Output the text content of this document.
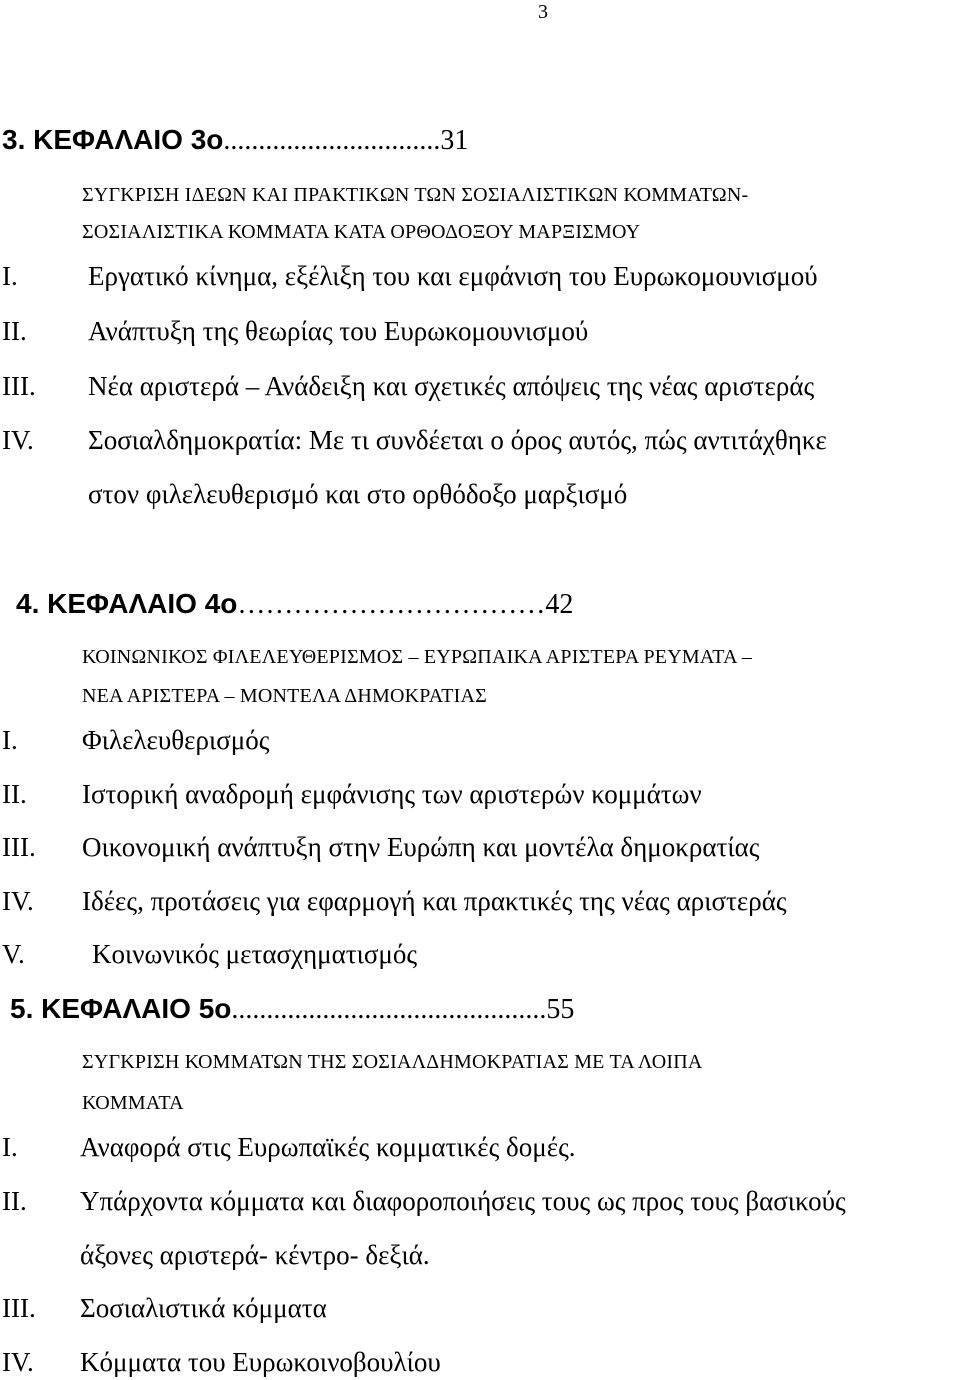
3
3. ΚΕΦΑΛΑΙΟ 3ο...............................31
ΣΥΓΚΡΙΣΗ ΙΔΕΩΝ ΚΑΙ ΠΡΑΚΤΙΚΩΝ ΤΩΝ ΣΟΣΙΑΛΙΣΤΙΚΩΝ ΚΟΜΜΑΤΩΝ-
ΣΟΣΙΑΛΙΣΤΙΚΑ ΚΟΜΜΑΤΑ ΚΑΤΑ ΟΡΘΟΔΟΞΟΥ ΜΑΡΞΙΣΜΟΥ
I.	Εργατικό κίνημα, εξέλιξη του και εμφάνιση του Ευρωκομουνισμού
II. Ανάπτυξη της θεωρίας του Ευρωκομουνισμού
III. Νέα αριστερά – Ανάδειξη και σχετικές απόψεις της νέας αριστεράς
IV. Σοσιαλδημοκρατία: Με τι συνδέεται ο όρος αυτός, πώς αντιτάχθηκε
στον φιλελευθερισμό και στο ορθόδοξο μαρξισμό
4. ΚΕΦΑΛΑΙΟ 4ο……………………………42
ΚΟΙΝΩΝΙΚΟΣ ΦΙΛΕΛΕΥΘΕΡΙΣΜΟΣ – ΕΥΡΩΠΑΙΚΑ ΑΡΙΣΤΕΡΑ ΡΕΥΜΑΤΑ –
ΝΕΑ ΑΡΙΣΤΕΡΑ – ΜΟΝΤΕΛΑ ΔΗΜΟΚΡΑΤΙΑΣ
I. Φιλελευθερισμός
II. Ιστορική αναδρομή εμφάνισης των αριστερών κομμάτων
III. Οικονομική ανάπτυξη στην Ευρώπη και μοντέλα δημοκρατίας
IV. Ιδέες, προτάσεις για εφαρμογή και πρακτικές της νέας αριστεράς
V. Κοινωνικός μετασχηματισμός
5. ΚΕΦΑΛΑΙΟ 5ο.............................................55
ΣΥΓΚΡΙΣΗ ΚΟΜΜΑΤΩΝ ΤΗΣ ΣΟΣΙΑΛΔΗΜΟΚΡΑΤΙΑΣ ΜΕ ΤΑ ΛΟΙΠΑ
ΚΟΜΜΑΤΑ
I. Αναφορά στις Ευρωπαϊκές κομματικές δομές.
II. Υπάρχοντα κόμματα και διαφοροποιήσεις τους ως προς τους βασικούς
άξονες αριστερά- κέντρο- δεξιά.
III. Σοσιαλιστικά κόμματα
IV. Κόμματα του Ευρωκοινοβουλίου
